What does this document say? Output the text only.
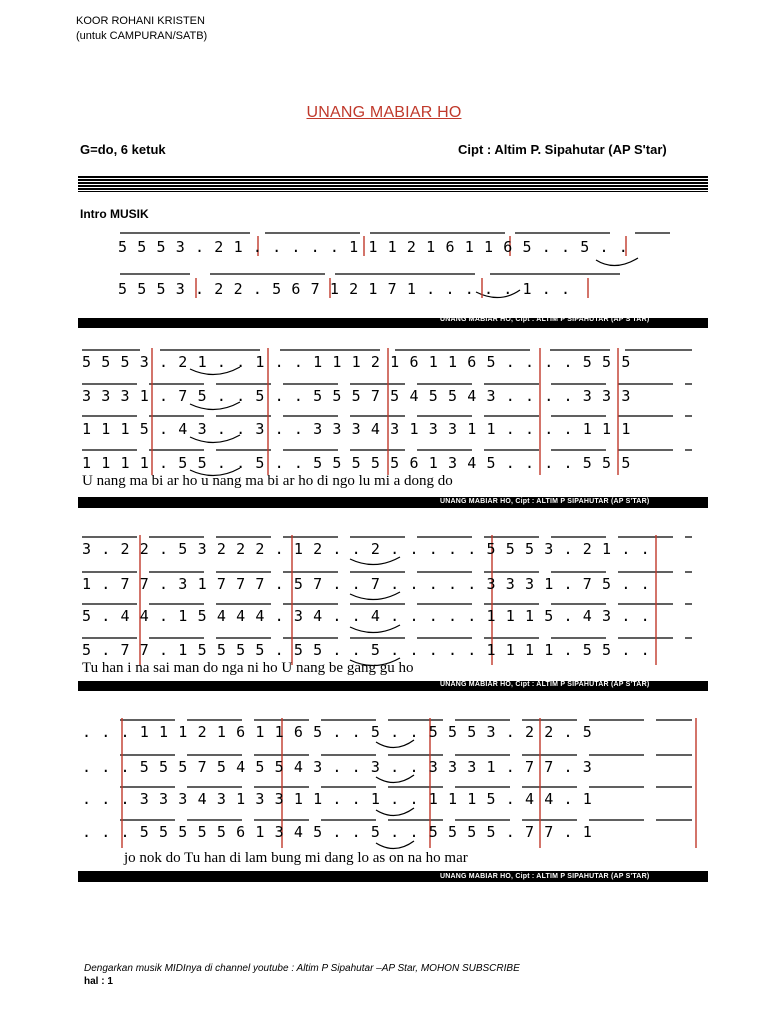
KOOR ROHANI KRISTEN
(untuk CAMPURAN/SATB)
UNANG MABIAR HO
G=do, 6 ketuk	Cipt : Altim P. Sipahutar (AP S'tar)
Intro MUSIK
5 5 5 3 . 2 1 . . . . . 1 1 1 2 1 6 1 1 6 5 . . 5 . .
5 5 5 3 . 2 2 . 5 6 7 1 2 1 7 1 . . . . . 1 . .
UNANG MABIAR HO, Cipt : ALTIM P SIPAHUTAR (AP S'TAR)
5 5 5 3 . 2 1 . . 1 . . 1 1 1 2 1 6 1 1 6 5 . . . . 5 5 5
3 3 3 1 . 7 5 . . 5 . . 5 5 5 7 5 4 5 5 4 3 . . . . 3 3 3
1 1 1 5 . 4 3 . . 3 . . 3 3 3 4 3 1 3 3 1 1 . . . . 1 1 1
1 1 1 1 . 5 5 . . 5 . . 5 5 5 5 5 6 1 3 4 5 . . . . 5 5 5
U nang ma bi ar ho u nang ma bi ar ho di ngo lu mi a dong do
UNANG MABIAR HO, Cipt : ALTIM P SIPAHUTAR (AP S'TAR)
3 . 2 2 . 5 3 2 2 2 . 1 2 . . 2 . . . . . 5 5 5 3 . 2 1 . .
1 . 7 7 . 3 1 7 7 7 . 5 7 . . 7 . . . . . 3 3 3 1 . 7 5 . .
5 . 4 4 . 1 5 4 4 4 . 3 4 . . 4 . . . . . 1 1 1 5 . 4 3 . .
5 . 7 7 . 1 5 5 5 5 . 5 5 . . 5 . . . . . 1 1 1 1 . 5 5 . .
Tu han i na sai man do nga ni ho U nang be gang gu ho
UNANG MABIAR HO, Cipt : ALTIM P SIPAHUTAR (AP S'TAR)
. . . 1 1 1 2 1 6 1 1 6 5 . . 5 . . 5 5 5 3 . 2 2 . 5
. . . 5 5 5 7 5 4 5 5 4 3 . . 3 . . 3 3 3 1 . 7 7 . 3
. . . 3 3 3 4 3 1 3 3 1 1 . . 1 . . 1 1 1 5 . 4 4 . 1
. . . 5 5 5 5 5 6 1 3 4 5 . . 5 . . 5 5 5 5 . 7 7 . 1
jo nok do Tu han di lam bung mi dang lo as on na ho mar
UNANG MABIAR HO, Cipt : ALTIM P SIPAHUTAR (AP S'TAR)
Dengarkan musik MIDInya di channel youtube : Altim P Sipahutar –AP Star, MOHON SUBSCRIBE
hal : 1
